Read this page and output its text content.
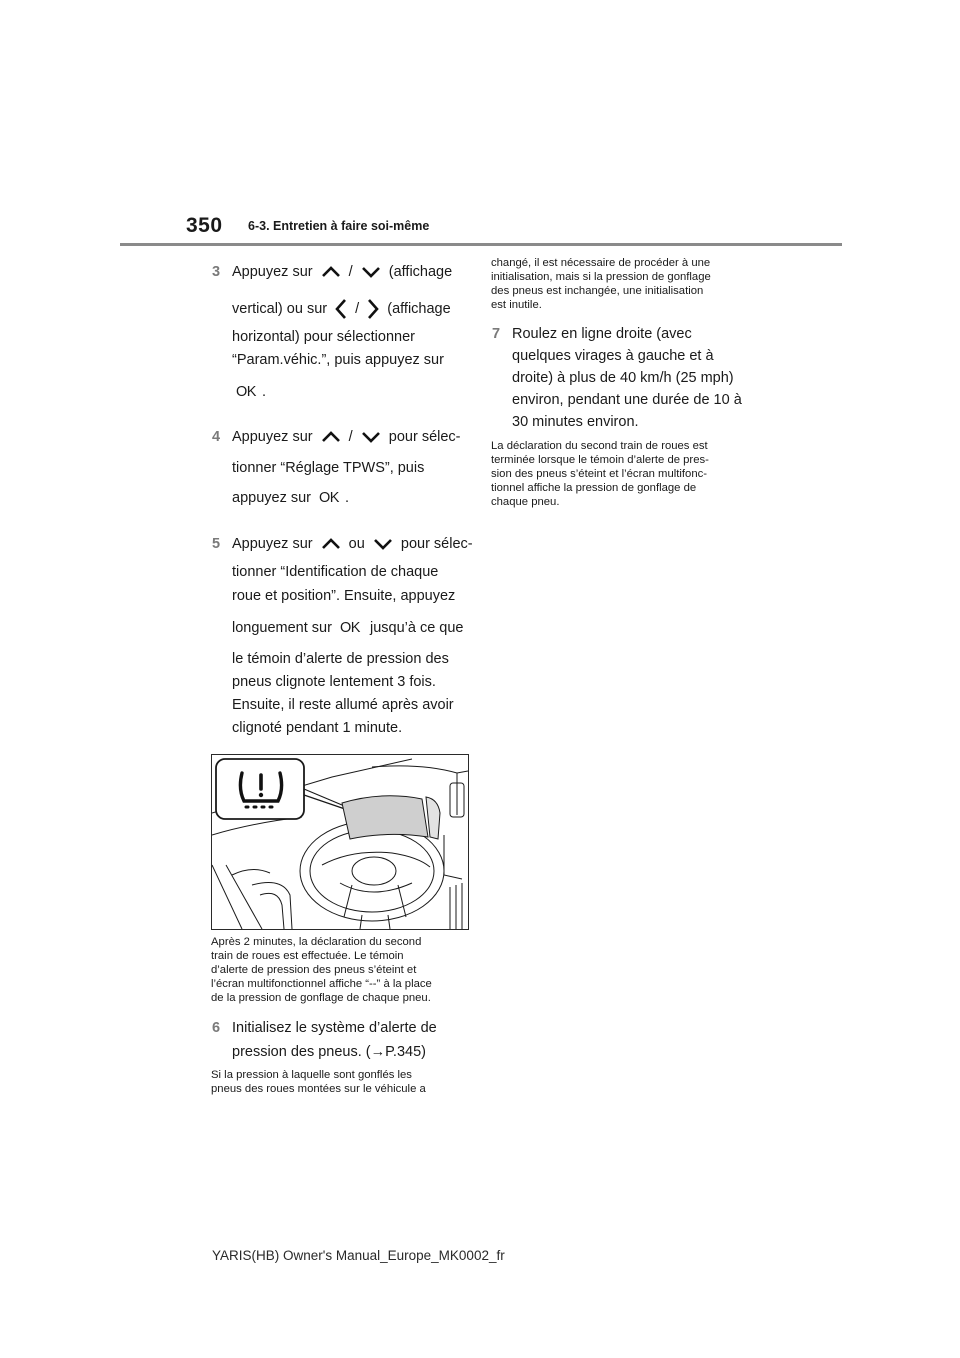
350 6-3. Entretien à faire soi-même
3 Appuyez sur / (affichage
vertical) ou sur / (affichage
horizontal) pour sélectionner
“Param.véhic.”, puis appuyez sur
OK .
4 Appuyez sur / pour sélec-
tionner “Réglage TPWS”, puis
appuyez sur OK .
5 Appuyez sur ou pour sélec-
tionner “Identification de chaque
roue et position”. Ensuite, appuyez
longuement sur OK jusqu’à ce que
le témoin d’alerte de pression des
pneus clignote lentement 3 fois.
Ensuite, il reste allumé après avoir
clignoté pendant 1 minute.
Après 2 minutes, la déclaration du second
train de roues est effectuée. Le témoin
d’alerte de pression des pneus s’éteint et
l’écran multifonctionnel affiche “--” à la place
de la pression de gonflage de chaque pneu.
6 Initialisez le système d’alerte de
pression des pneus. (→P.345)
Si la pression à laquelle sont gonflés les
pneus des roues montées sur le véhicule a
changé, il est nécessaire de procéder à une
initialisation, mais si la pression de gonflage
des pneus est inchangée, une initialisation
est inutile.
7 Roulez en ligne droite (avec
quelques virages à gauche et à
droite) à plus de 40 km/h (25 mph)
environ, pendant une durée de 10 à
30 minutes environ.
La déclaration du second train de roues est
terminée lorsque le témoin d’alerte de pres-
sion des pneus s’éteint et l’écran multifonc-
tionnel affiche la pression de gonflage de
chaque pneu.
YARIS(HB) Owner's Manual_Europe_MK0002_fr
